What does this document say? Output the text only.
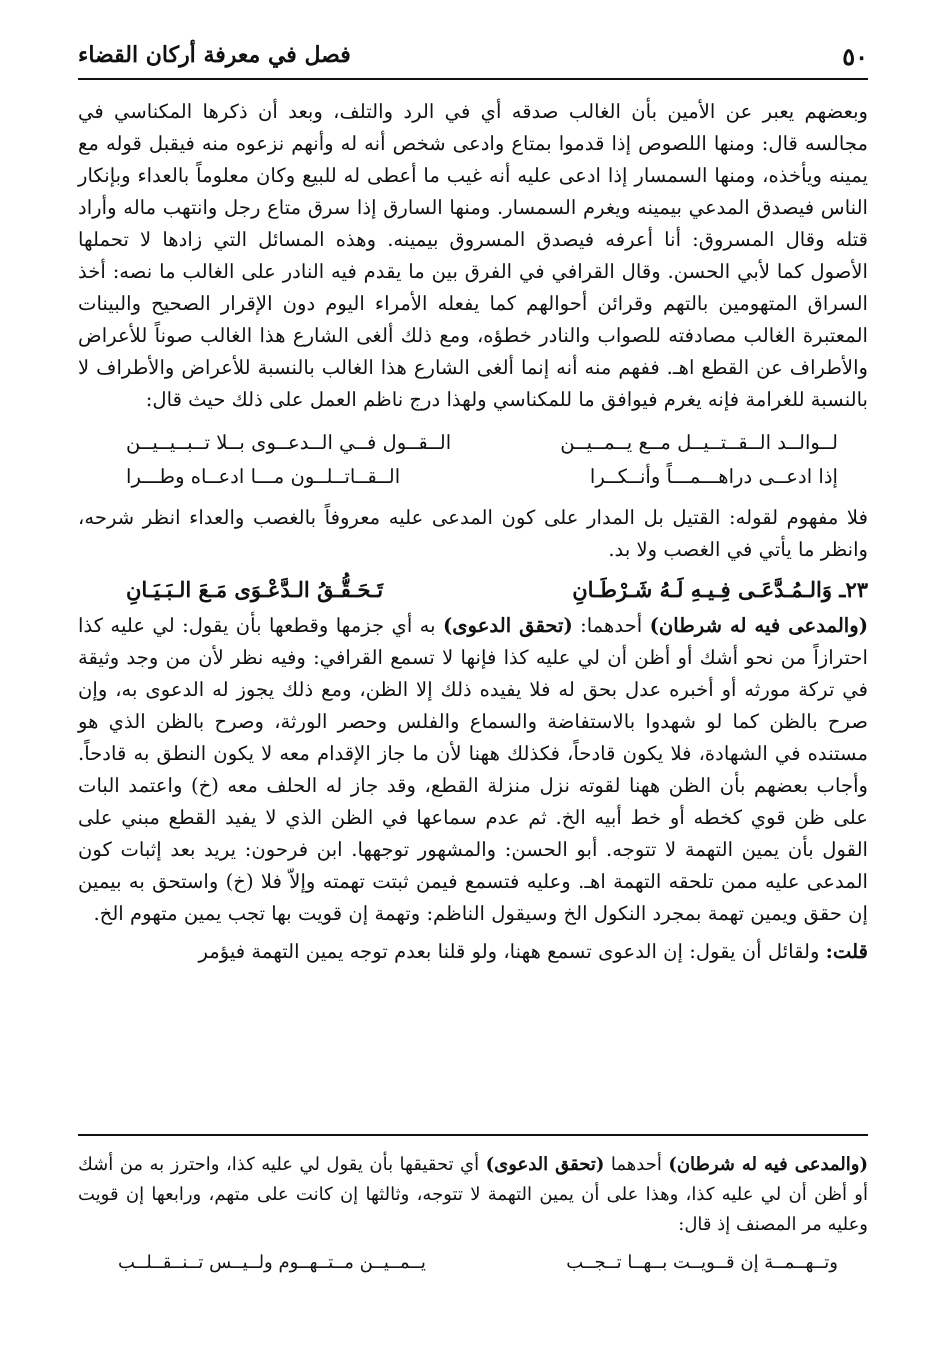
٥٠
فصل في معرفة أركان القضاء

وبعضهم يعبر عن الأمين بأن الغالب صدقه أي في الرد والتلف، وبعد أن ذكرها المكناسي في مجالسه قال: ومنها اللصوص إذا قدموا بمتاع وادعى شخص أنه له وأنهم نزعوه منه فيقبل قوله مع يمينه ويأخذه، ومنها السمسار إذا ادعى عليه أنه غيب ما أعطى له للبيع وكان معلوماً بالعداء وبإنكار الناس فيصدق المدعي بيمينه ويغرم السمسار. ومنها السارق إذا سرق متاع رجل وانتهب ماله وأراد قتله وقال المسروق: أنا أعرفه فيصدق المسروق بيمينه. وهذه المسائل التي زادها لا تحملها الأصول كما لأبي الحسن. وقال القرافي في الفرق بين ما يقدم فيه النادر على الغالب ما نصه: أخذ السراق المتهومين بالتهم وقرائن أحوالهم كما يفعله الأمراء اليوم دون الإقرار الصحيح والبينات المعتبرة الغالب مصادفته للصواب والنادر خطؤه، ومع ذلك ألغى الشارع هذا الغالب صوناً للأعراض والأطراف عن القطع اهـ. ففهم منه أنه إنما ألغى الشارع هذا الغالب بالنسبة للأعراض والأطراف لا بالنسبة للغرامة فإنه يغرم فيوافق ما للمكناسي ولهذا درج ناظم العمل على ذلك حيث قال:

لــوالــد الــقــتــيــل مــع يــمــيــن
الــقــول فــي الــدعــوى بــلا تــبــيــيــن
إذا ادعــى دراهـــمـــاً وأنــكــرا
الــقــاتــلــون مـــا ادعــاه وطـــرا

فلا مفهوم لقوله: القتيل بل المدار على كون المدعى عليه معروفاً بالغصب والعداء انظر شرحه، وانظر ما يأتي في الغصب ولا بد.

٢٣ـ وَالـمُـدَّعَـى فِـيـهِ لَـهُ شَـرْطَـانِ
تَـحَـقُّـقُ الـدَّعْـوَى مَـعَ الـبَـيَـانِ

(والمدعى فيه له شرطان) أحدهما: (تحقق الدعوى) به أي جزمها وقطعها بأن يقول: لي عليه كذا احترازاً من نحو أشك أو أظن أن لي عليه كذا فإنها لا تسمع القرافي: وفيه نظر لأن من وجد وثيقة في تركة مورثه أو أخبره عدل بحق له فلا يفيده ذلك إلا الظن، ومع ذلك يجوز له الدعوى به، وإن صرح بالظن كما لو شهدوا بالاستفاضة والسماع والفلس وحصر الورثة، وصرح بالظن الذي هو مستنده في الشهادة، فلا يكون قادحاً، فكذلك ههنا لأن ما جاز الإقدام معه لا يكون النطق به قادحاً. وأجاب بعضهم بأن الظن ههنا لقوته نزل منزلة القطع، وقد جاز له الحلف معه (خ) واعتمد البات على ظن قوي كخطه أو خط أبيه الخ. ثم عدم سماعها في الظن الذي لا يفيد القطع مبني على القول بأن يمين التهمة لا تتوجه. أبو الحسن: والمشهور توجهها. ابن فرحون: يريد بعد إثبات كون المدعى عليه ممن تلحقه التهمة اهـ. وعليه فتسمع فيمن ثبتت تهمته وإلاّ فلا (خ) واستحق به بيمين إن حقق ويمين تهمة بمجرد النكول الخ وسيقول الناظم: وتهمة إن قويت بها تجب يمين متهوم الخ.

قلت: ولقائل أن يقول: إن الدعوى تسمع ههنا، ولو قلنا بعدم توجه يمين التهمة فيؤمر

(والمدعى فيه له شرطان) أحدهما (تحقق الدعوى) أي تحقيقها بأن يقول لي عليه كذا، واحترز به من أشك أو أظن أن لي عليه كذا، وهذا على أن يمين التهمة لا تتوجه، وثالثها إن كانت على متهم، ورابعها إن قويت وعليه مر المصنف إذ قال:

وتــهــمــة إن قــويــت بــهــا تــجــب
يــمــيــن مــتــهــوم ولــيــس تــنــقــلــب
